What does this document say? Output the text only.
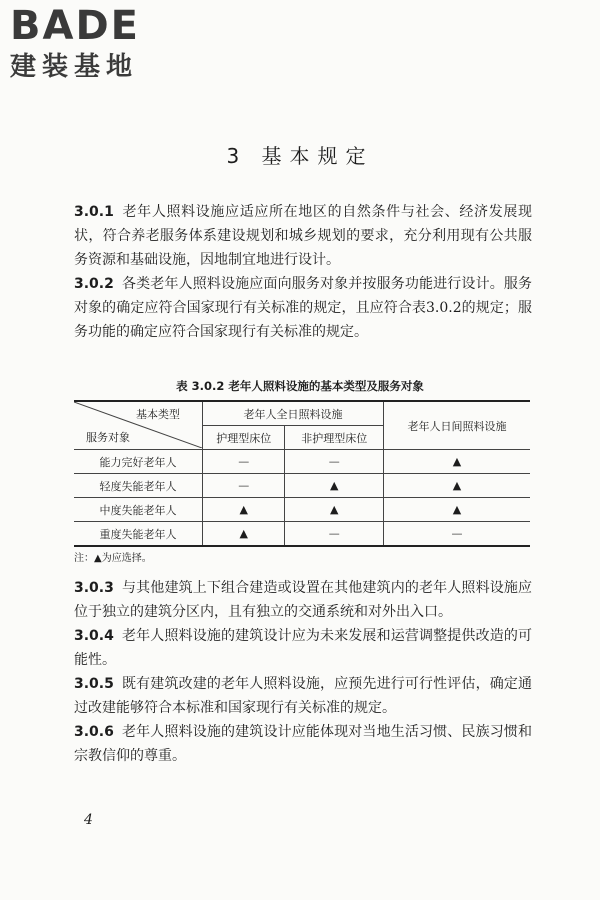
BADE
建装基地
3 基本规定

3.0.1 老年人照料设施应适应所在地区的自然条件与社会、经济发展现状，符合养老服务体系建设规划和城乡规划的要求，充分利用现有公共服务资源和基础设施，因地制宜地进行设计。

3.0.2 各类老年人照料设施应面向服务对象并按服务功能进行设计。服务对象的确定应符合国家现行有关标准的规定，且应符合表3.0.2的规定；服务功能的确定应符合国家现行有关标准的规定。

表 3.0.2 老年人照料设施的基本类型及服务对象
基本类型
服务对象	老年人全日照料设施		老年人日间照料设施
	护理型床位	非护理型床位	
能力完好老年人	—	—	▲
轻度失能老年人	—	▲	▲
中度失能老年人	▲	▲	▲
重度失能老年人	▲	—	—
注：▲为应选择。

3.0.3 与其他建筑上下组合建造或设置在其他建筑内的老年人照料设施应位于独立的建筑分区内，且有独立的交通系统和对外出入口。

3.0.4 老年人照料设施的建筑设计应为未来发展和运营调整提供改造的可能性。

3.0.5 既有建筑改建的老年人照料设施，应预先进行可行性评估，确定通过改建能够符合本标准和国家现行有关标准的规定。

3.0.6 老年人照料设施的建筑设计应能体现对当地生活习惯、民族习惯和宗教信仰的尊重。

4
